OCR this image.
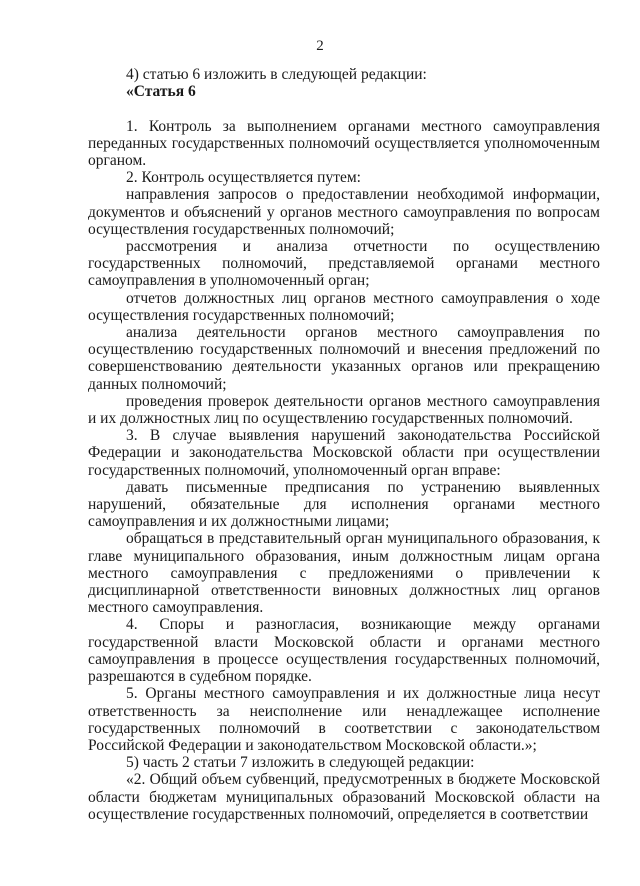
2

4) статью 6 изложить в следующей редакции:

«Статья 6

1. Контроль за выполнением органами местного самоуправления переданных государственных полномочий осуществляется уполномоченным органом.

2. Контроль осуществляется путем:

направления запросов о предоставлении необходимой информации, документов и объяснений у органов местного самоуправления по вопросам осуществления государственных полномочий;

рассмотрения и анализа отчетности по осуществлению государственных полномочий, представляемой органами местного самоуправления в уполномоченный орган;

отчетов должностных лиц органов местного самоуправления о ходе осуществления государственных полномочий;

анализа деятельности органов местного самоуправления по осуществлению государственных полномочий и внесения предложений по совершенствованию деятельности указанных органов или прекращению данных полномочий;

проведения проверок деятельности органов местного самоуправления и их должностных лиц по осуществлению государственных полномочий.

3. В случае выявления нарушений законодательства Российской Федерации и законодательства Московской области при осуществлении государственных полномочий, уполномоченный орган вправе:

давать письменные предписания по устранению выявленных нарушений, обязательные для исполнения органами местного самоуправления и их должностными лицами;

обращаться в представительный орган муниципального образования, к главе муниципального образования, иным должностным лицам органа местного самоуправления с предложениями о привлечении к дисциплинарной ответственности виновных должностных лиц органов местного самоуправления.

4. Споры и разногласия, возникающие между органами государственной власти Московской области и органами местного самоуправления в процессе осуществления государственных полномочий, разрешаются в судебном порядке.

5. Органы местного самоуправления и их должностные лица несут ответственность за неисполнение или ненадлежащее исполнение государственных полномочий в соответствии с законодательством Российской Федерации и законодательством Московской области.»;

5) часть 2 статьи 7 изложить в следующей редакции:

«2. Общий объем субвенций, предусмотренных в бюджете Московской области бюджетам муниципальных образований Московской области на осуществление государственных полномочий, определяется в соответствии
